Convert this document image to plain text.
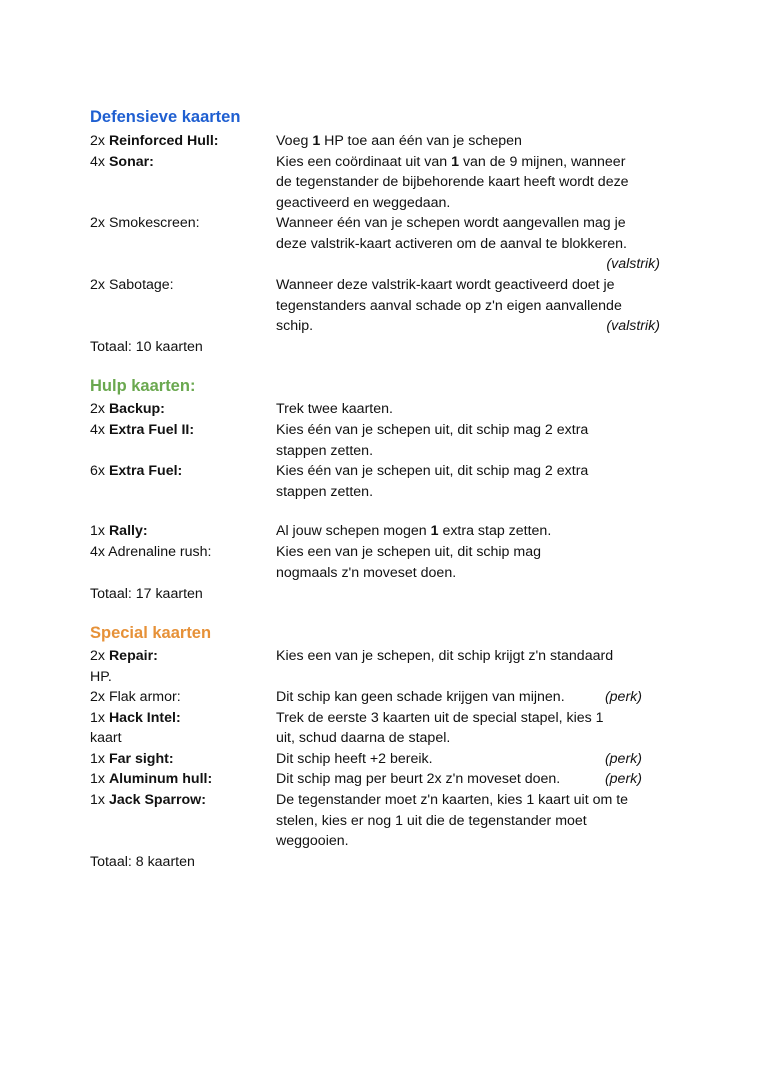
Defensieve kaarten
2x Reinforced Hull:	Voeg 1 HP toe aan één van je schepen
4x Sonar:	Kies een coördinaat uit van 1 van de 9 mijnen, wanneer
de tegenstander de bijbehorende kaart heeft wordt deze
geactiveerd en weggedaan.
2x Smokescreen:	Wanneer één van je schepen wordt aangevallen mag je
deze valstrik-kaart activeren om de aanval te blokkeren.
(valstrik)
2x Sabotage:	Wanneer deze valstrik-kaart wordt geactiveerd doet je
tegenstanders aanval schade op z'n eigen aanvallende
schip.	(valstrik)
Totaal: 10 kaarten
Hulp kaarten:
2x Backup:	Trek twee kaarten.
4x Extra Fuel II:	Kies één van je schepen uit, dit schip mag 2 extra
stappen zetten.
6x Extra Fuel:	Kies één van je schepen uit, dit schip mag 2 extra
stappen zetten.
1x Rally:	Al jouw schepen mogen 1 extra stap zetten.
4x Adrenaline rush:	Kies een van je schepen uit, dit schip mag
nogmaals z'n moveset doen.
Totaal: 17 kaarten
Special kaarten
2x Repair:	Kies een van je schepen, dit schip krijgt z'n standaard
HP.
2x Flak armor:	Dit schip kan geen schade krijgen van mijnen.	(perk)
1x Hack Intel:	Trek de eerste 3 kaarten uit de special stapel, kies 1
kaart	uit, schud daarna de stapel.
1x Far sight:	Dit schip heeft +2 bereik.	(perk)
1x Aluminum hull:	Dit schip mag per beurt 2x z'n moveset doen.	(perk)
1x Jack Sparrow:	De tegenstander moet z'n kaarten, kies 1 kaart uit om te
stelen, kies er nog 1 uit die de tegenstander moet
weggooien.
Totaal: 8 kaarten
